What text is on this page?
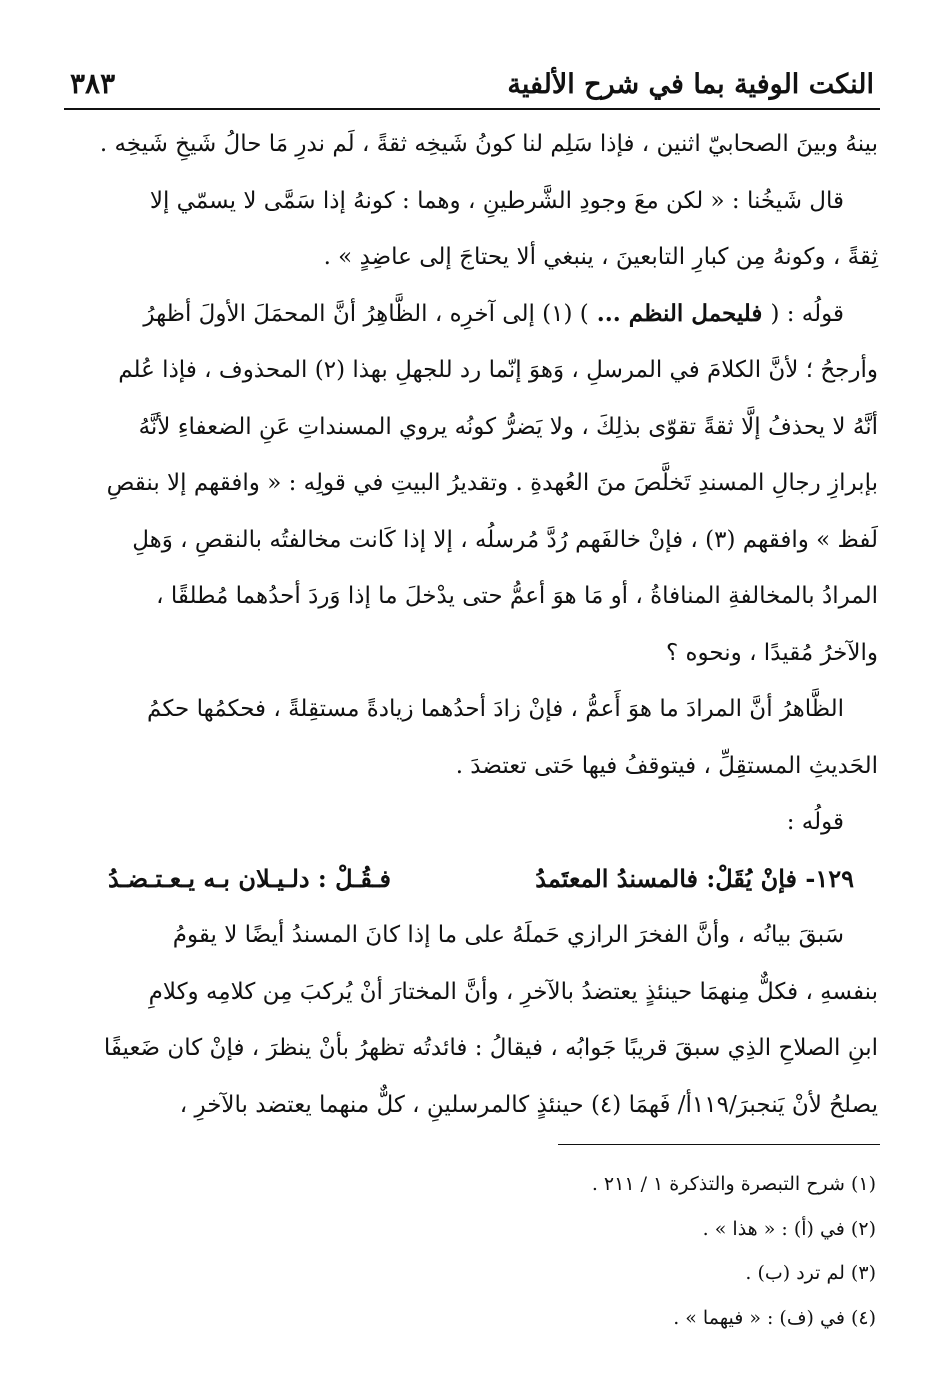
النكت الوفية بما في شرح الألفية
٣٨٣

بينهُ وبينَ الصحابيّ اثنين ، فإذا سَلِم لنا كونُ شَيخِه ثقةً ، لَم ندرِ مَا حالُ شَيخِ شَيخِه .

قال شَيخُنا : « لكن معَ وجودِ الشَّرطينِ ، وهما : كونهُ إذا سَمَّى لا يسمّي إلا

ثِقةً ، وكونهُ مِن كبارِ التابعينَ ، ينبغي ألا يحتاجَ إلى عاضِدٍ » .

قولُه : ( فليحمل النظم ... ) (١) إلى آخرِه ، الظَّاهِرُ أنَّ المحمَلَ الأولَ أظهرُ

وأرجحُ ؛ لأنَّ الكلامَ في المرسلِ ، وَهوَ إنّما رد للجهلِ بهذا (٢) المحذوف ، فإذا عُلم

أنَّهُ لا يحذفُ إلَّا ثقةً تقوّى بذلِكَ ، ولا يَضرُّ كونُه يروي المسنداتِ عَنِ الضعفاءِ لأنَّهُ

بإبرازِ رجالِ المسندِ تَخلَّصَ منَ العُهدةِ . وتقديرُ البيتِ في قولِه : « وافقهم إلا بنقصِ

لَفظ » وافقهم (٣) ، فإنْ خالفَهم رُدَّ مُرسلُه ، إلا إذا كَانت مخالفتُه بالنقصِ ، وَهلِ

المرادُ بالمخالفةِ المنافاةُ ، أو مَا هوَ أعمُّ حتى يدْخلَ ما إذا وَردَ أحدُهما مُطلقًا ،

والآخرُ مُقيدًا ، ونحوه ؟

الظَّاهرُ أنَّ المرادَ ما هوَ أَعمُّ ، فإنْ زادَ أحدُهما زيادةً مستقِلةً ، فحكمُها حكمُ

الحَديثِ المستقِلِّ ، فيتوقفُ فيها حَتى تعتضدَ .

قولُه :

١٢٩- فإنْ يُقَلْ: فالمسندُ المعتَمدُ
فـقُـلْ : دلـيـلان بـه يـعـتـضـدُ

سَبقَ بيانُه ، وأنَّ الفخرَ الرازي حَملَهُ على ما إذا كانَ المسندُ أيضًا لا يقومُ

بنفسهِ ، فكلٌّ مِنهمَا حينئذٍ يعتضدُ بالآخرِ ، وأنَّ المختارَ أنْ يُركبَ مِن كلامِه وكلامِ

ابنِ الصلاحِ الذِي سبقَ قريبًا جَوابُه ، فيقالُ : فائدتُه تظهرُ بأنْ ينظرَ ، فإنْ كان ضَعيفًا

يصلحُ لأنْ يَنجبرَ/١١٩أ/ فَهمَا (٤) حينئذٍ كالمرسلينِ ، كلٌّ منهما يعتضد بالآخرِ ،

(١) شرح التبصرة والتذكرة ١ / ٢١١ .

(٢) في (أ) : « هذا » .

(٣) لم ترد (ب) .

(٤) في (ف) : « فيهما » .
